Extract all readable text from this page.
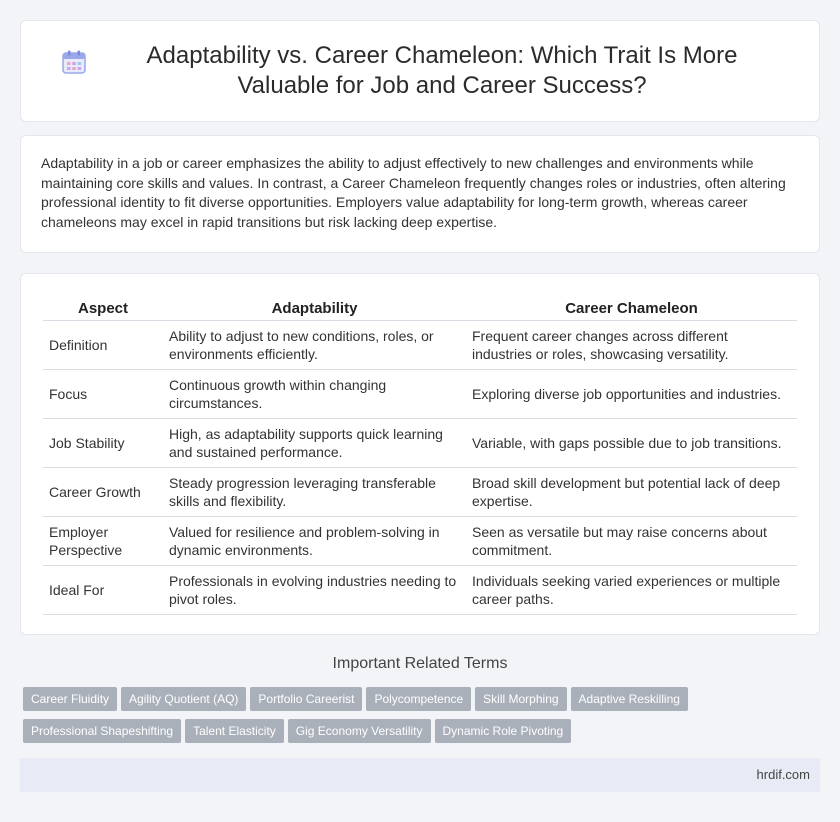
Adaptability vs. Career Chameleon: Which Trait Is More Valuable for Job and Career Success?

Adaptability in a job or career emphasizes the ability to adjust effectively to new challenges and environments while maintaining core skills and values. In contrast, a Career Chameleon frequently changes roles or industries, often altering professional identity to fit diverse opportunities. Employers value adaptability for long-term growth, whereas career chameleons may excel in rapid transitions but risk lacking deep expertise.

Aspect	Adaptability	Career Chameleon
Definition	Ability to adjust to new conditions, roles, or environments efficiently.	Frequent career changes across different industries or roles, showcasing versatility.
Focus	Continuous growth within changing circumstances.	Exploring diverse job opportunities and industries.
Job Stability	High, as adaptability supports quick learning and sustained performance.	Variable, with gaps possible due to job transitions.
Career Growth	Steady progression leveraging transferable skills and flexibility.	Broad skill development but potential lack of deep expertise.
Employer Perspective	Valued for resilience and problem-solving in dynamic environments.	Seen as versatile but may raise concerns about commitment.
Ideal For	Professionals in evolving industries needing to pivot roles.	Individuals seeking varied experiences or multiple career paths.
Important Related Terms
Career Fluidity Agility Quotient (AQ) Portfolio Careerist Polycompetence Skill Morphing Adaptive Reskilling
Professional Shapeshifting Talent Elasticity Gig Economy Versatility Dynamic Role Pivoting
hrdif.com
